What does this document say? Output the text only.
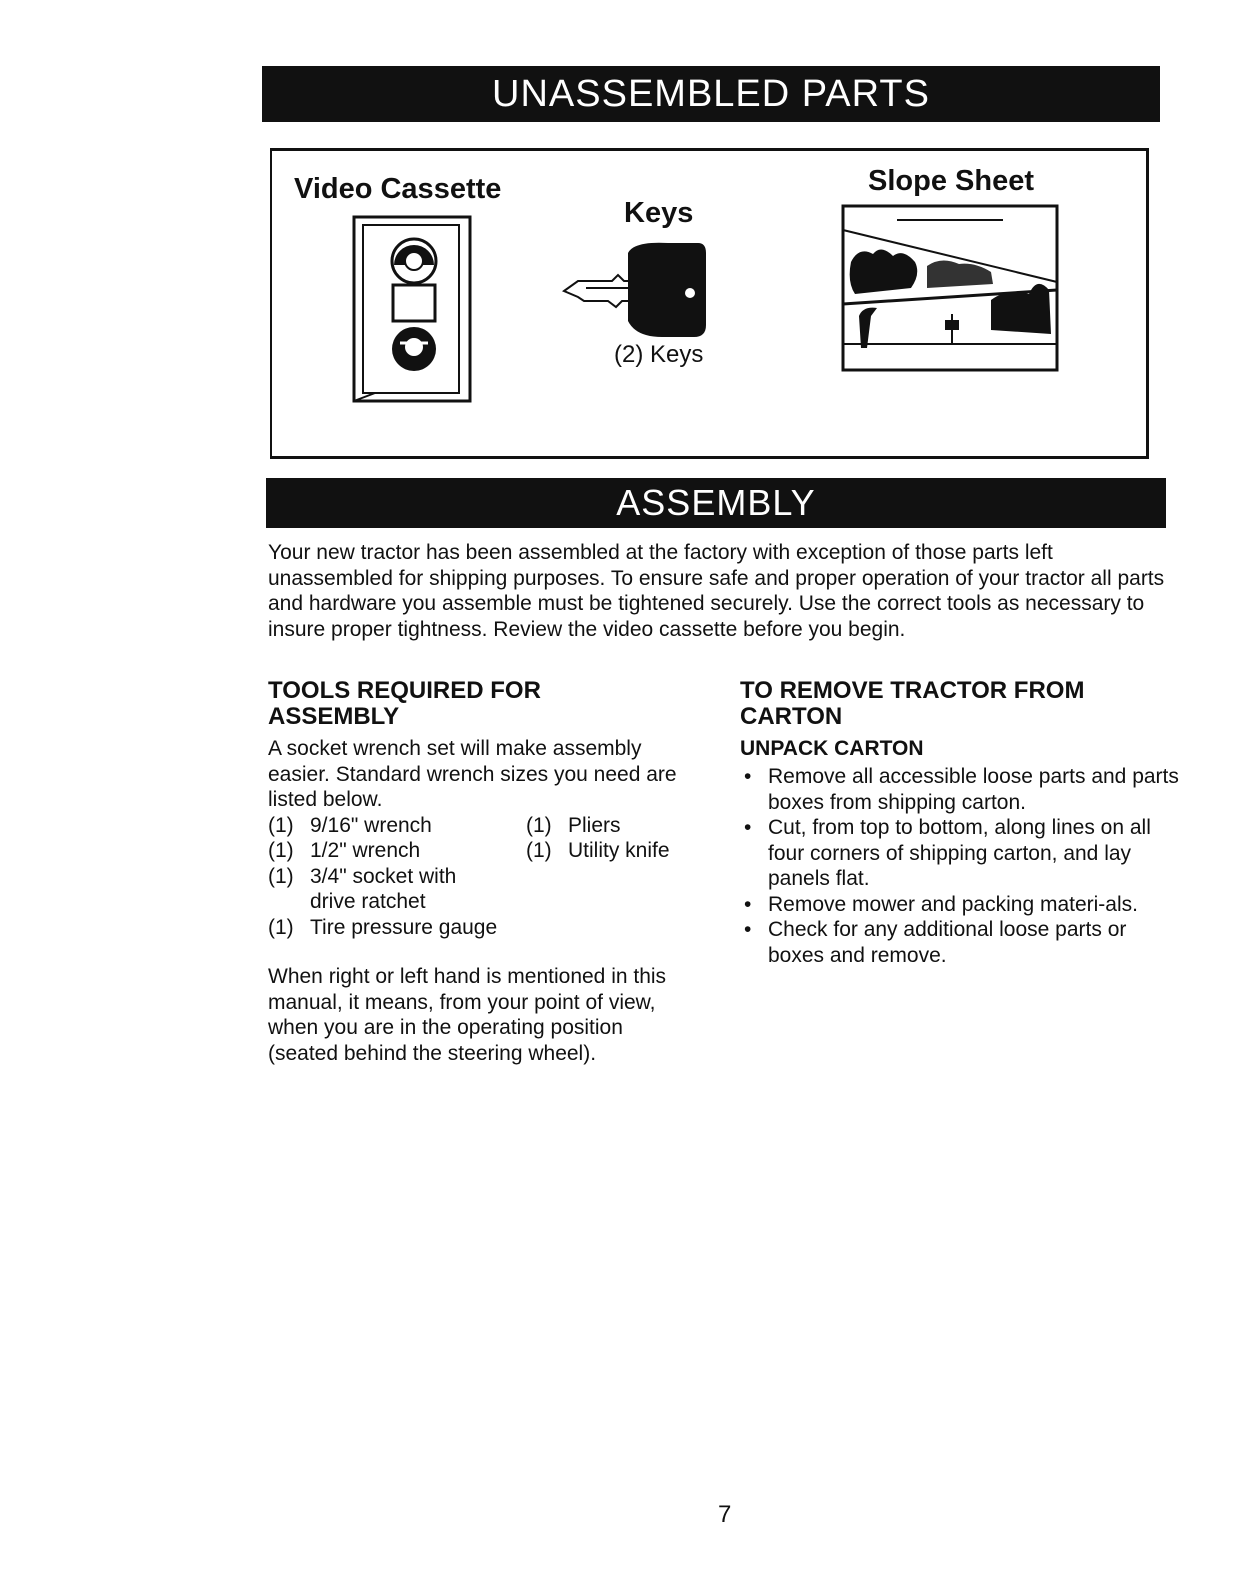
UNASSEMBLED PARTS
Video Cassette
Keys
Slope Sheet
(2) Keys
ASSEMBLY

Your new tractor has been assembled at the factory with exception of those parts left unassembled for shipping purposes. To ensure safe and proper operation of your tractor all parts and hardware you assemble must be tightened securely. Use the correct tools as necessary to insure proper tightness. Review the video cassette before you begin.

TOOLS REQUIRED FOR
ASSEMBLY

A socket wrench set will make assembly easier. Standard wrench sizes you need are listed below.

(1) 9/16" wrench	(1) Pliers
(1) 1/2" wrench	(1) Utility knife
(1) 3/4" socket with
drive ratchet
(1) Tire pressure gauge

When right or left hand is mentioned in this manual, it means, from your point of view, when you are in the operating position (seated behind the steering wheel).

TO REMOVE TRACTOR FROM
CARTON
UNPACK CARTON
• Remove all accessible loose parts and parts boxes from shipping carton.
• Cut, from top to bottom, along lines on all four corners of shipping carton, and lay panels flat.
• Remove mower and packing materi-als.
• Check for any additional loose parts or boxes and remove.
7
